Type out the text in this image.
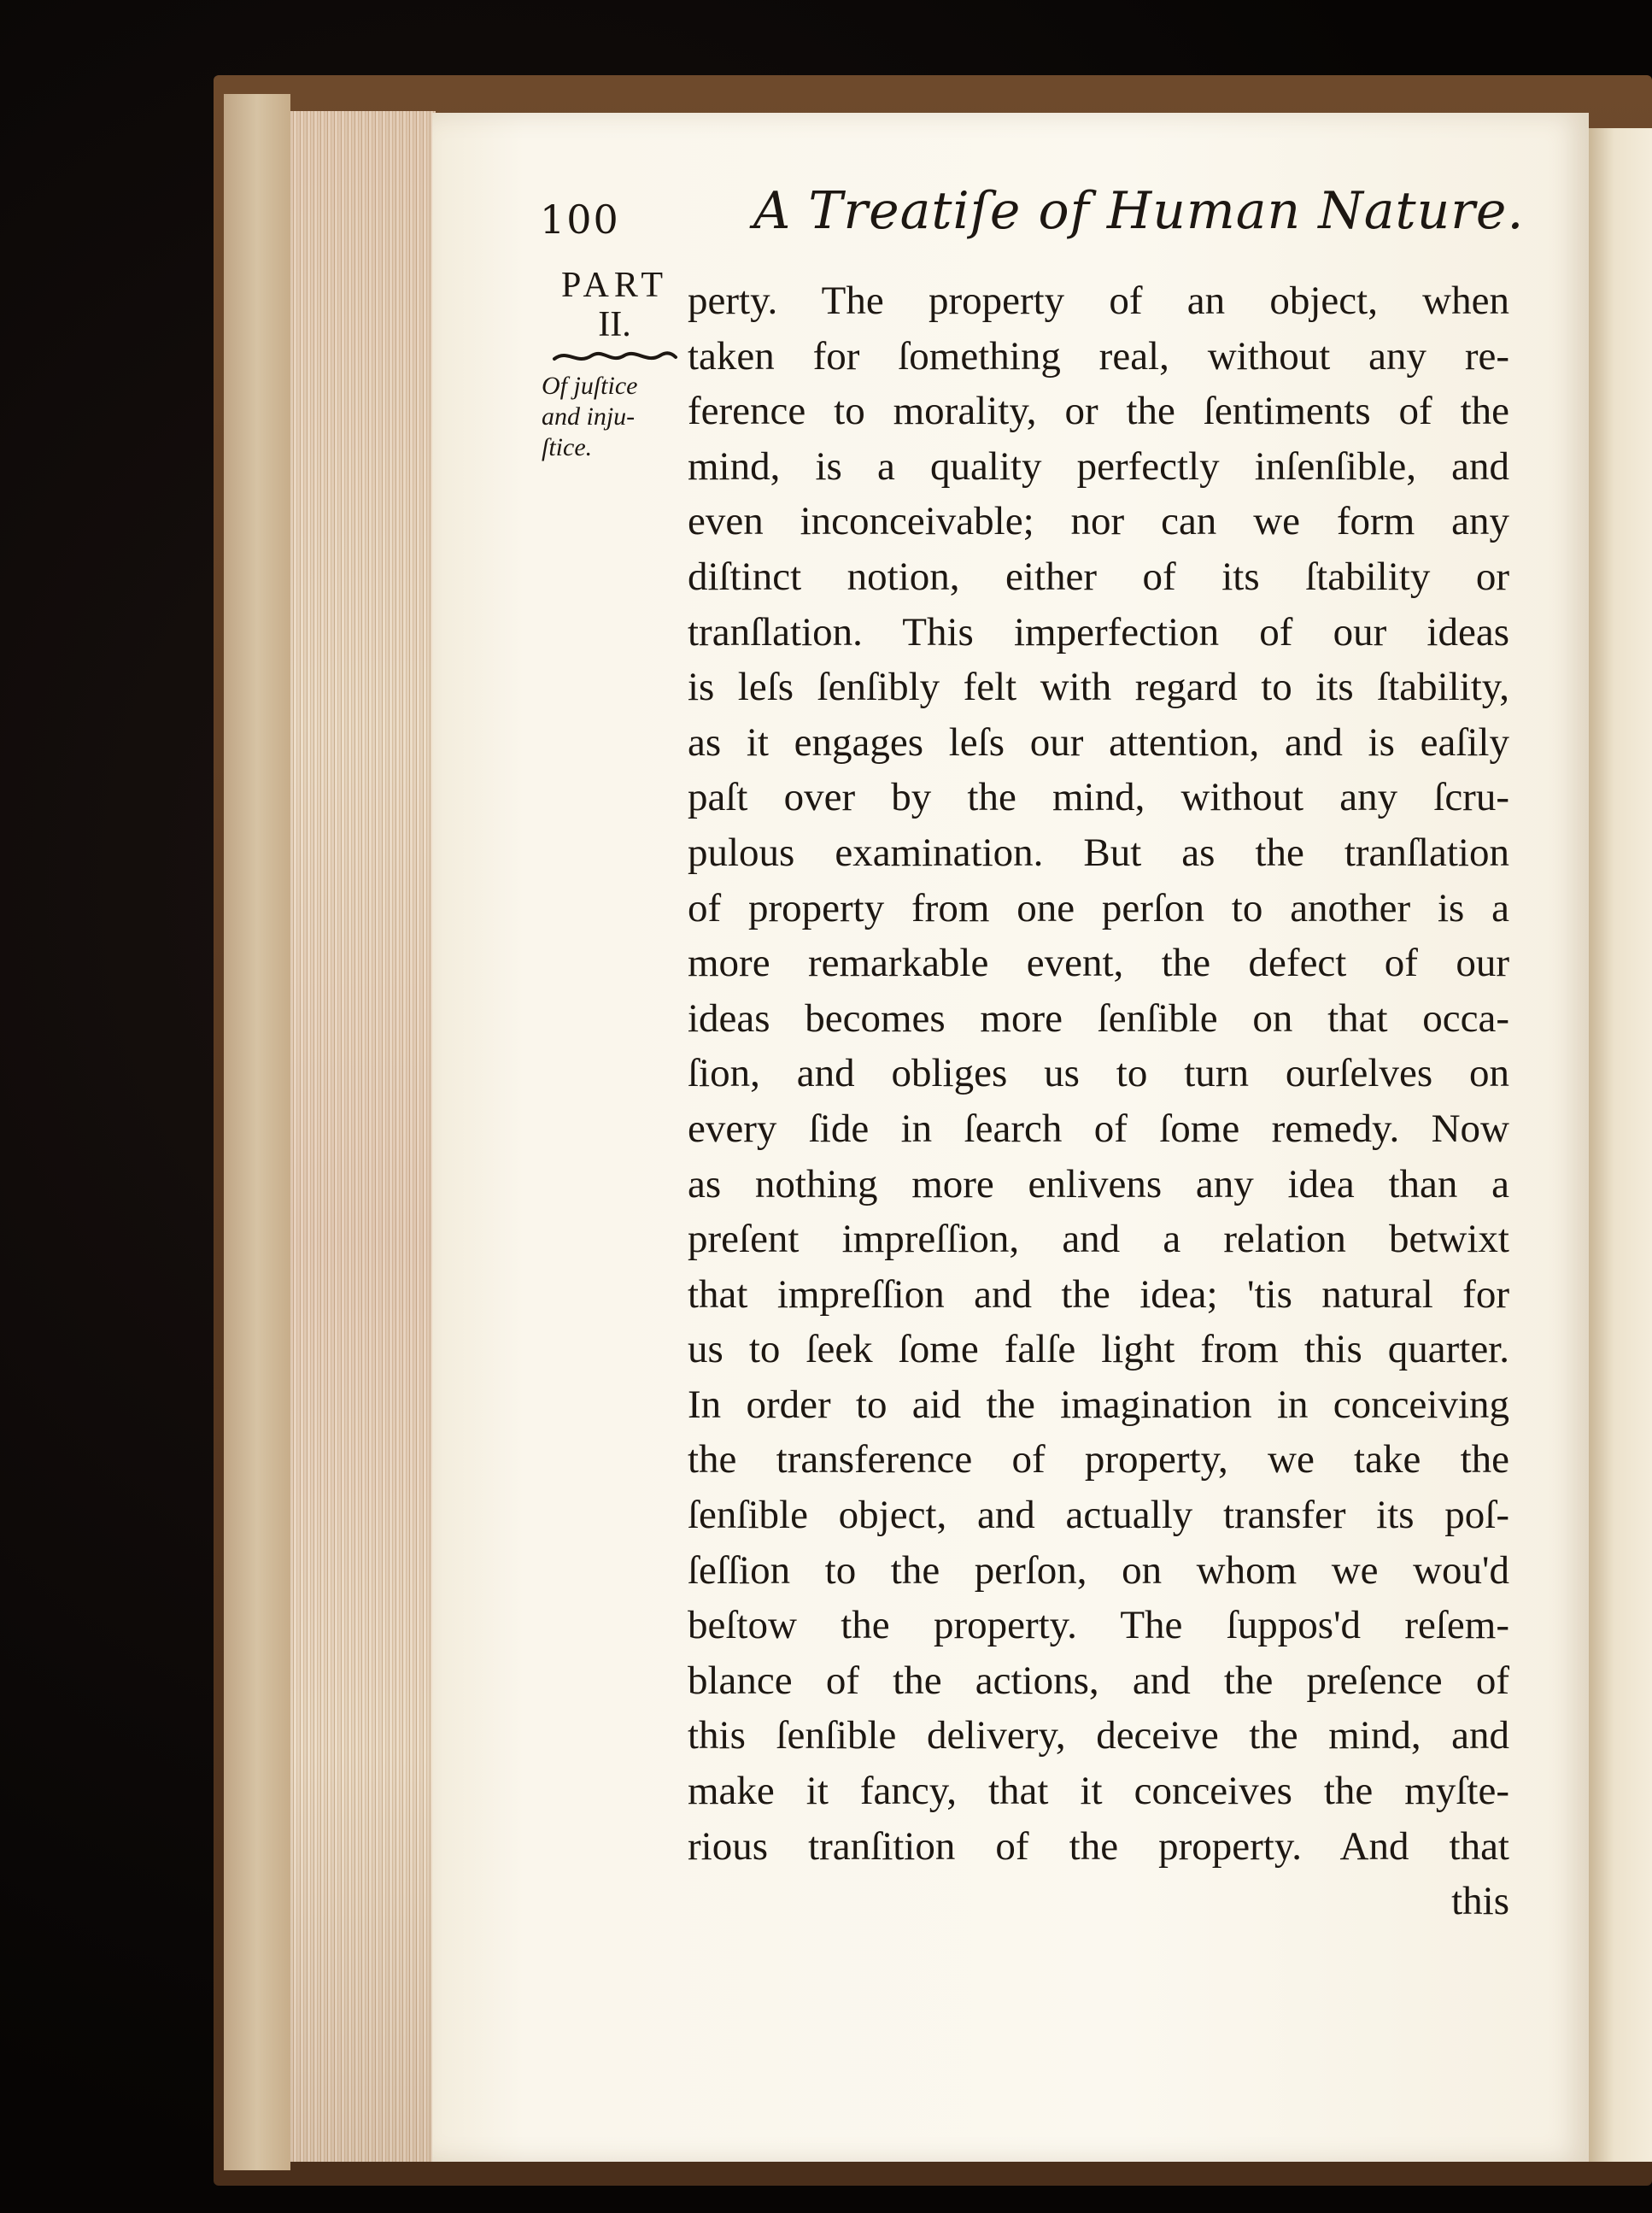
100	A Treatiſe of Human Nature.
PART
II.
Of juſtice
and inju-
ſtice.
perty. The property of an object, when
taken for ſomething real, without any re-
ference to morality, or the ſentiments of the
mind, is a quality perfectly inſenſible, and
even inconceivable; nor can we form any
diſtinct notion, either of its ſtability or
tranſlation. This imperfection of our ideas
is leſs ſenſibly felt with regard to its ſtability,
as it engages leſs our attention, and is eaſily
paſt over by the mind, without any ſcru-
pulous examination. But as the tranſlation
of property from one perſon to another is a
more remarkable event, the defect of our
ideas becomes more ſenſible on that occa-
ſion, and obliges us to turn ourſelves on
every ſide in ſearch of ſome remedy. Now
as nothing more enlivens any idea than a
preſent impreſſion, and a relation betwixt
that impreſſion and the idea; 'tis natural for
us to ſeek ſome falſe light from this quarter.
In order to aid the imagination in conceiving
the transference of property, we take the
ſenſible object, and actually transfer its poſ-
ſeſſion to the perſon, on whom we wou'd
beſtow the property. The ſuppos'd reſem-
blance of the actions, and the preſence of
this ſenſible delivery, deceive the mind, and
make it fancy, that it conceives the myſte-
rious tranſition of the property. And that
this
